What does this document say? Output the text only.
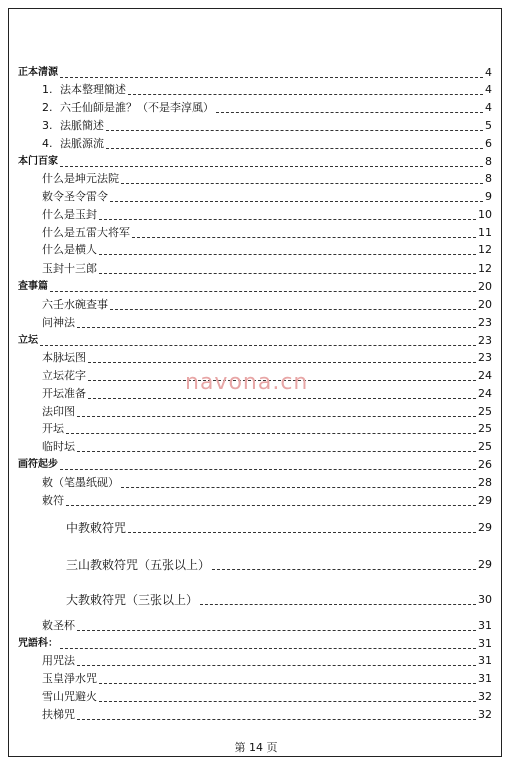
正本清源	4
1. 法本整理簡述	4
2. 六壬仙師是誰？（不是李淳風）	4
3. 法脈簡述	5
4. 法脈源流	6
本门百家	8
什么是坤元法院	8
敕令圣令雷令	9
什么是玉封	10
什么是五雷大将军	11
什么是横人	12
玉封十三郎	12
查事篇	20
六壬水碗查事	20
问神法	23
立坛	23
本脉坛图	23
立坛花字	24
开坛准备	24
法印图	25
开坛	25
临时坛	25
画符起步	26
敕（笔墨纸砚）	28
敕符	29
中教敕符咒	29
三山教敕符咒（五张以上）	29
大教敕符咒（三张以上）	30
敕圣杯	31
咒語科：	31
用咒法	31
玉皇淨水咒	31
雪山咒避火	32
扶梯咒	32
navona.cn
第 14 页
